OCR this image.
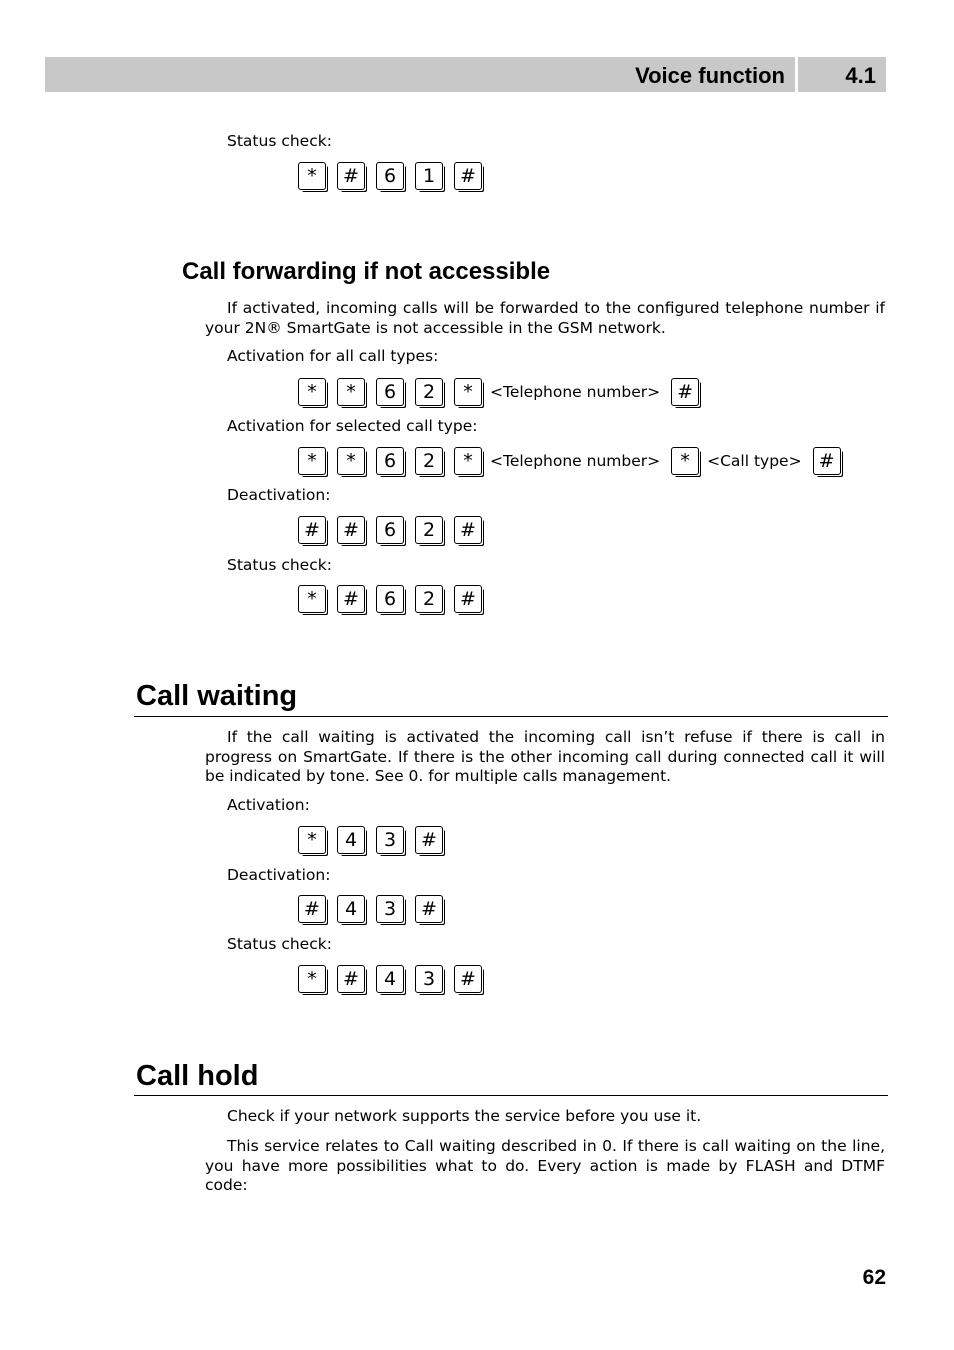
Voice function	4.1
Status check:
*	#	6	1	#
Call forwarding if not accessible

If activated, incoming calls will be forwarded to the configured telephone number if your 2N® SmartGate is not accessible in the GSM network.

Activation for all call types:
*	*	6	2	*	<Telephone number> #
Activation for selected call type:
*	*	6	2	*	<Telephone number>	*	<Call type> #
Deactivation:
#	#	6	2	#
Status check:
*	#	6	2	#
Call waiting

If the call waiting is activated the incoming call isn’t refuse if there is call in progress on SmartGate. If there is the other incoming call during connected call it will be indicated by tone. See 0. for multiple calls management.

Activation:
*	4	3	#
Deactivation:
#	4	3	#
Status check:
*	#	4	3	#
Call hold

Check if your network supports the service before you use it.

This service relates to Call waiting described in 0. If there is call waiting on the line, you have more possibilities what to do. Every action is made by FLASH and DTMF code:

62
